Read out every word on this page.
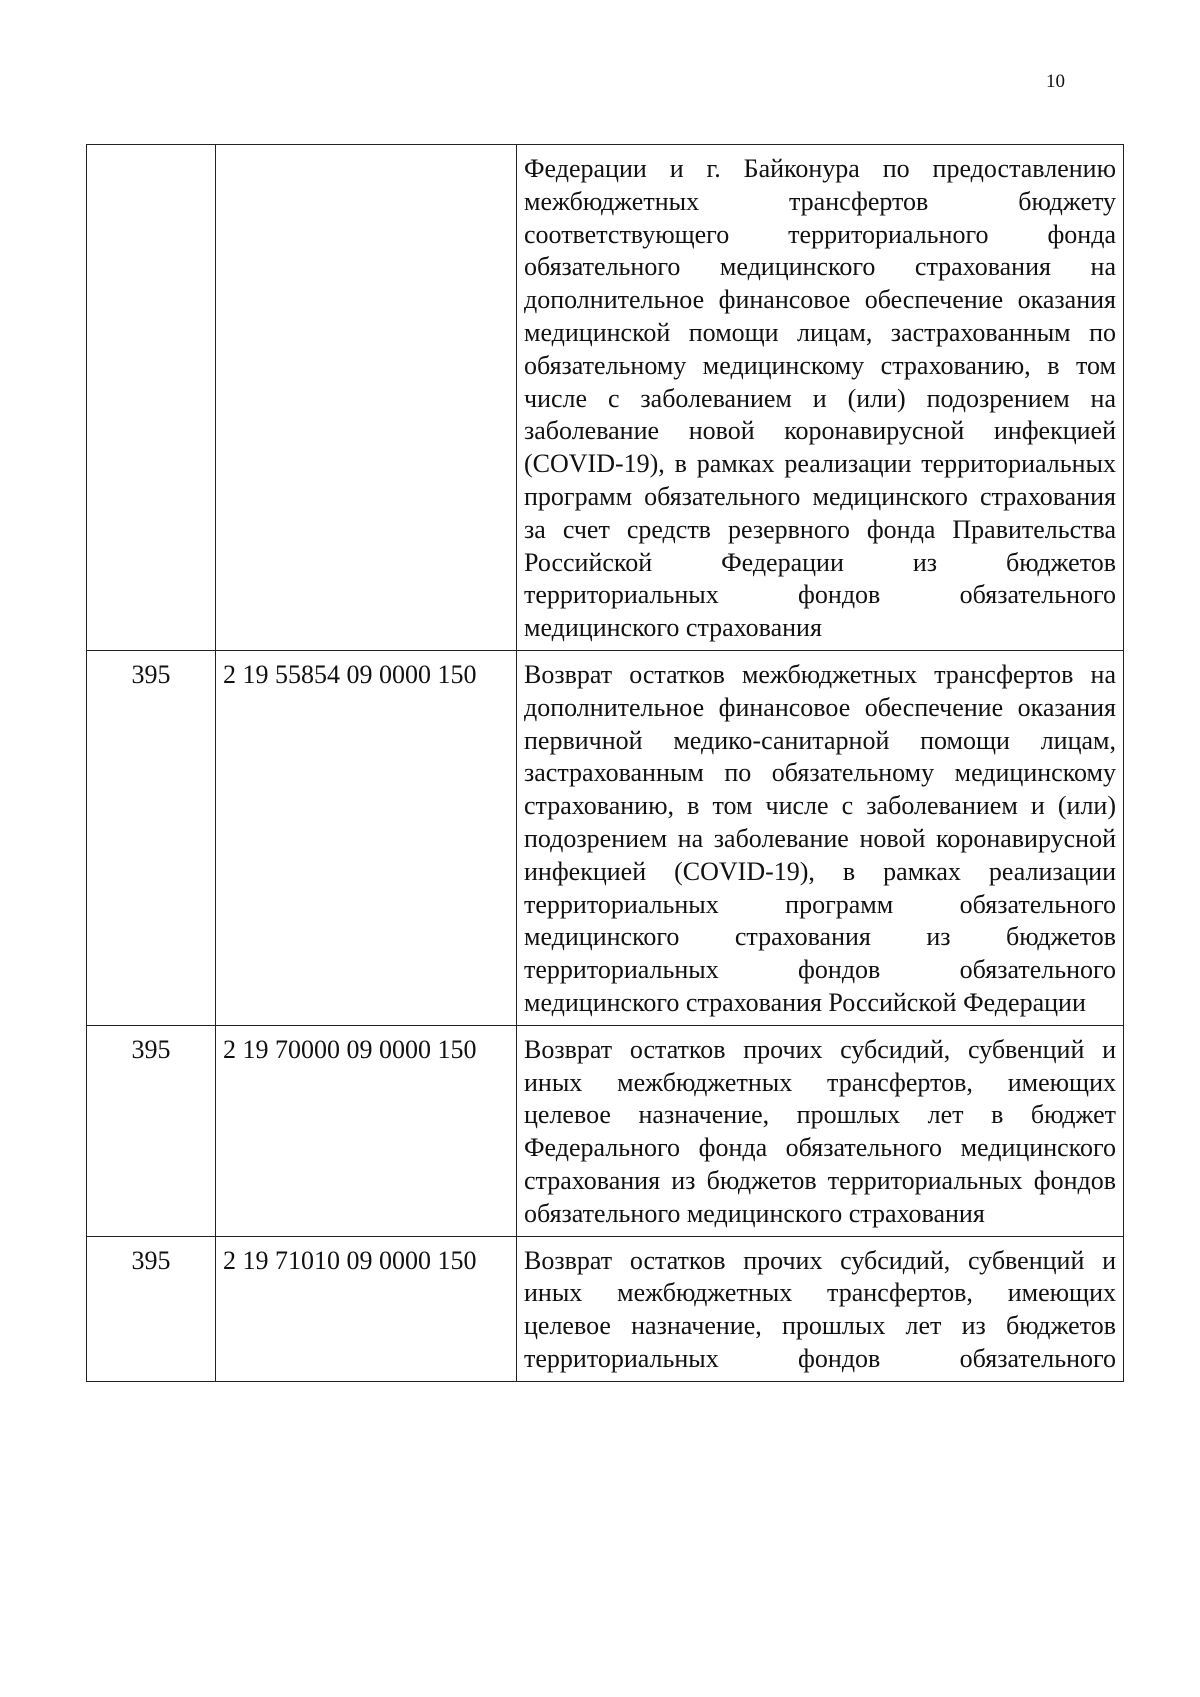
10
		Федерации и г. Байконура по предоставлению межбюджетных трансфертов бюджету соответствующего территориального фонда обязательного медицинского страхования на дополнительное финансовое обеспечение оказания медицинской помощи лицам, застрахованным по обязательному медицинскому страхованию, в том числе с заболеванием и (или) подозрением на заболевание новой коронавирусной инфекцией (COVID-19), в рамках реализации территориальных программ обязательного медицинского страхования за счет средств резервного фонда Правительства Российской Федерации из бюджетов территориальных фондов обязательного медицинского страхования
395	2 19 55854 09 0000 150	Возврат остатков межбюджетных трансфертов на дополнительное финансовое обеспечение оказания первичной медико-санитарной помощи лицам, застрахованным по обязательному медицинскому страхованию, в том числе с заболеванием и (или) подозрением на заболевание новой коронавирусной инфекцией (COVID-19), в рамках реализации территориальных программ обязательного медицинского страхования из бюджетов территориальных фондов обязательного медицинского страхования Российской Федерации
395	2 19 70000 09 0000 150	Возврат остатков прочих субсидий, субвенций и иных межбюджетных трансфертов, имеющих целевое назначение, прошлых лет в бюджет Федерального фонда обязательного медицинского страхования из бюджетов территориальных фондов обязательного медицинского страхования
395	2 19 71010 09 0000 150	Возврат остатков прочих субсидий, субвенций и иных межбюджетных трансфертов, имеющих целевое назначение, прошлых лет из бюджетов территориальных фондов обязательного
